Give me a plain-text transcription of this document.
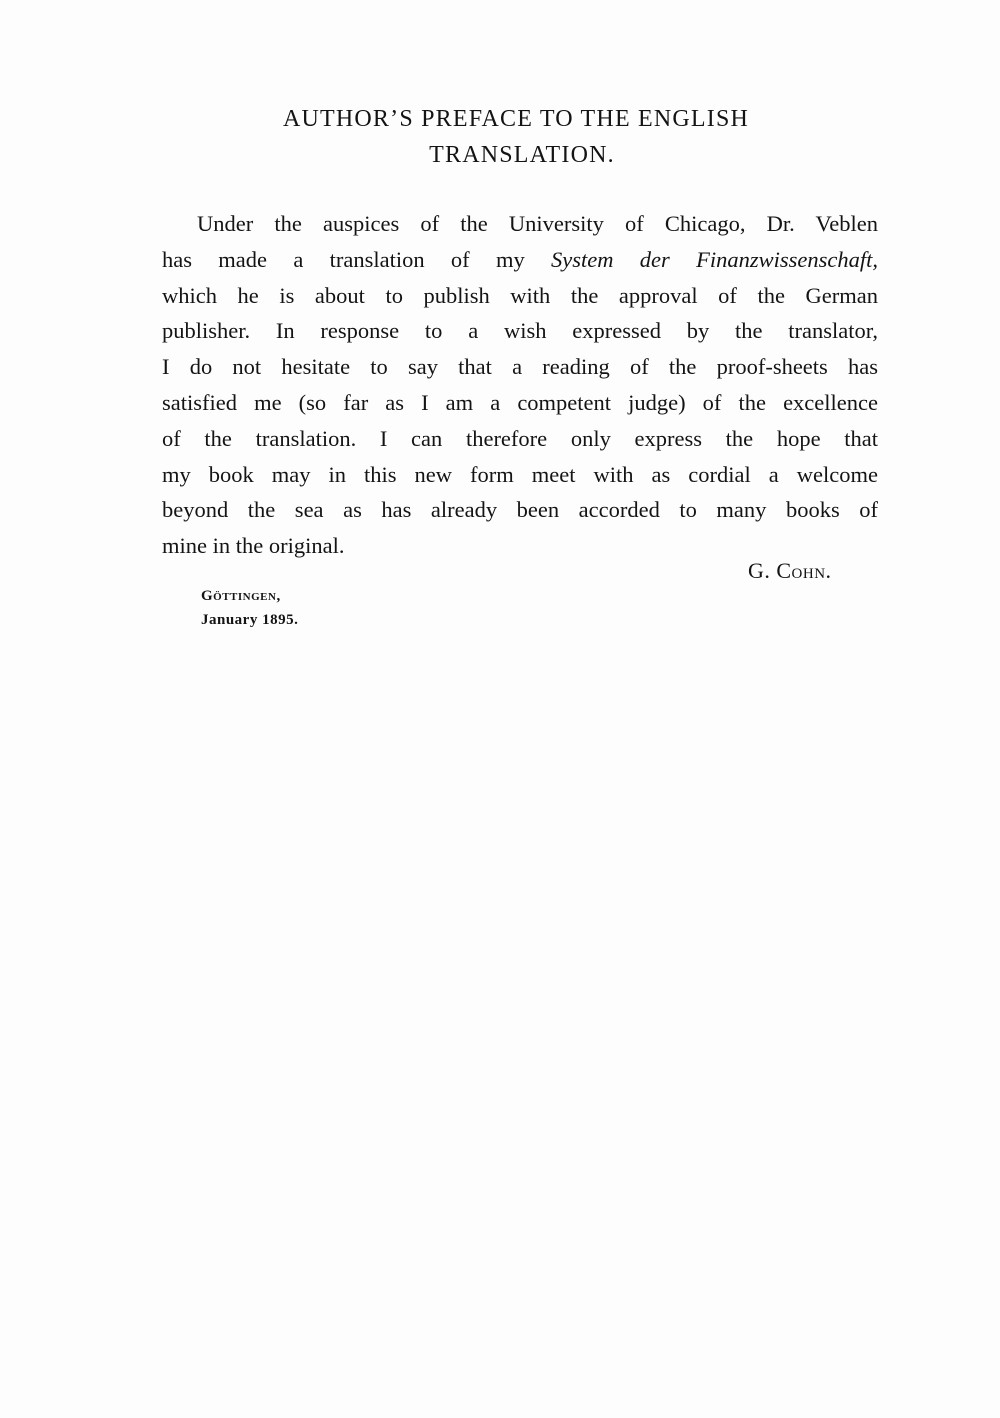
AUTHOR’S PREFACE TO THE ENGLISH
TRANSLATION.
Under the auspices of the University of Chicago, Dr. Veblen
has made a translation of my System der Finanzwissenschaft,
which he is about to publish with the approval of the German
publisher. In response to a wish expressed by the translator,
I do not hesitate to say that a reading of the proof-sheets has
satisfied me (so far as I am a competent judge) of the excellence
of the translation. I can therefore only express the hope that
my book may in this new form meet with as cordial a welcome
beyond the sea as has already been accorded to many books of
mine in the original.
G. Cohn.
Göttingen,
January 1895.
